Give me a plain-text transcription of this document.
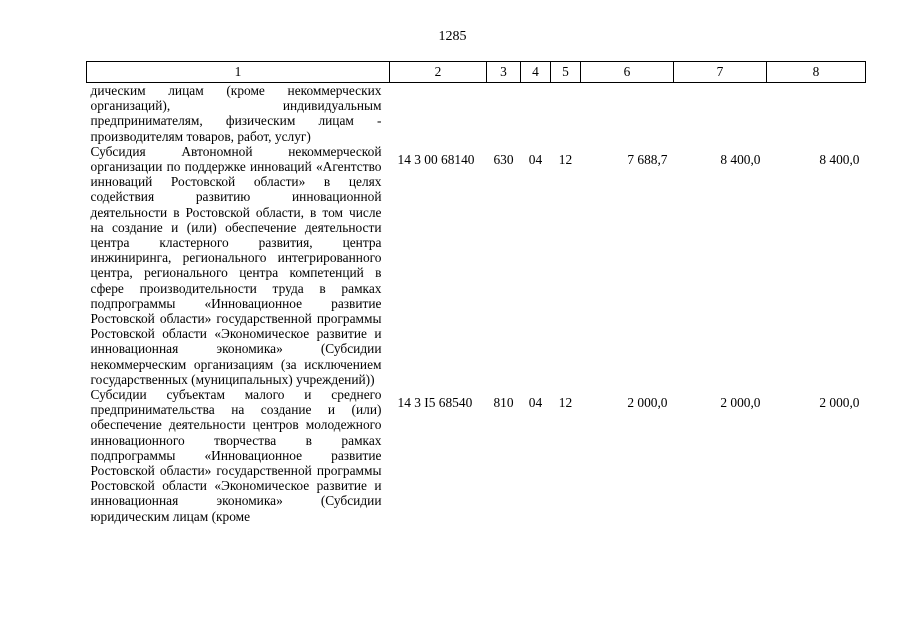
1285
1	2	3	4	5	6	7	8
дическим лицам (кроме некоммерческих организаций), индивидуальным предпринимателям, физическим лицам - производителям товаров, работ, услуг)							
Субсидия Автономной некоммерческой организации по поддержке инноваций «Агентство инноваций Ростовской области» в целях содействия развитию инновационной деятельности в Ростовской области, в том числе на создание и (или) обеспечение деятельности центра кластерного развития, центра инжиниринга, регионального интегрированного центра, регионального центра компетенций в сфере производительности труда в рамках подпрограммы «Инновационное развитие Ростовской области» государственной программы Ростовской области «Экономическое развитие и инновационная экономика» (Субсидии некоммерческим организациям (за исключением государственных (муниципальных) учреждений))	14 3 00 68140	630	04	12	7 688,7	8 400,0	8 400,0
Субсидии субъектам малого и среднего предпринимательства на создание и (или) обеспечение деятельности центров молодежного инновационного творчества в рамках подпрограммы «Инновационное развитие Ростовской области» государственной программы Ростовской области «Экономическое развитие и инновационная экономика» (Субсидии юридическим лицам (кроме	14 3 I5 68540	810	04	12	2 000,0	2 000,0	2 000,0
